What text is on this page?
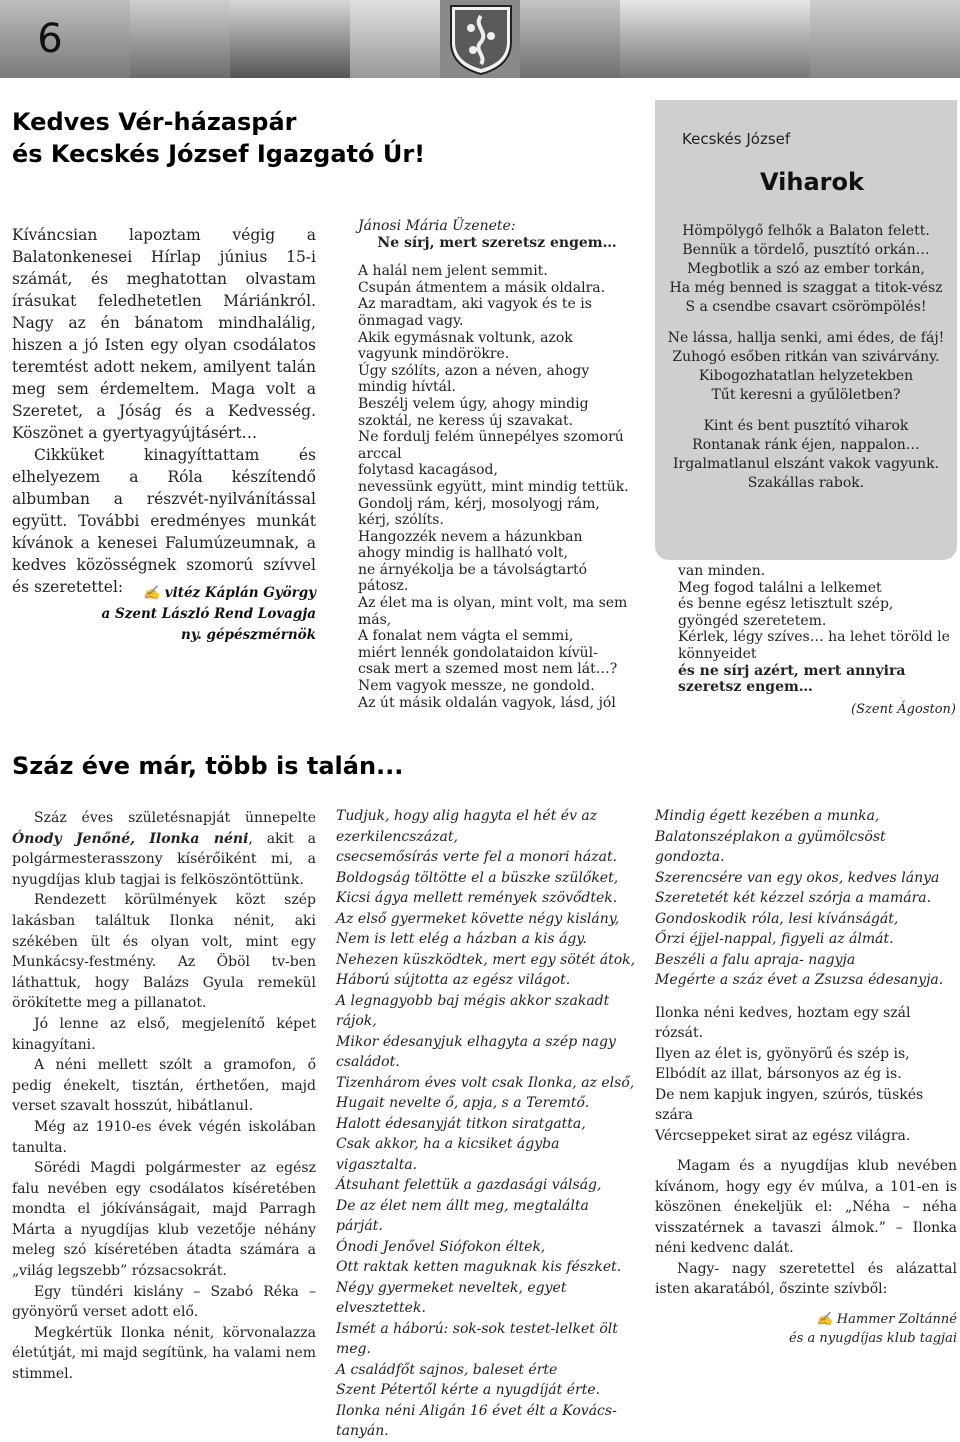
6
Kedves Vér-házaspár
és Kecskés József Igazgató Úr!

Kíváncsian lapoztam végig a Balatonkenesei Hírlap június 15-i számát, és meghatottan olvastam írásukat feledhetetlen Máriánkról. Nagy az én bánatom mindhalálig, hiszen a jó Isten egy olyan csodálatos teremtést adott nekem, amilyent talán meg sem érdemeltem. Maga volt a Szeretet, a Jóság és a Kedvesség. Köszönet a gyertyagyújtásért…

Cikküket kinagyíttattam és elhelyezem a Róla készítendő albumban a részvét-nyilvánítással együtt. További eredményes munkát kívánok a kenesei Falumúzeumnak, a kedves közösségnek szomorú szívvel és szeretettel:	✍ vitéz Káplán György
a Szent László Rend Lovagja
ny. gépészmérnök
Jánosi Mária Üzenete:
Ne sírj, mert szeretsz engem…
A halál nem jelent semmit.
Csupán átmentem a másik oldalra.
Az maradtam, aki vagyok és te is önmagad vagy.
Akik egymásnak voltunk, azok vagyunk mindörökre.
Úgy szólíts, azon a néven, ahogy mindig hívtál.
Beszélj velem úgy, ahogy mindig szoktál, ne keress új szavakat.
Ne fordulj felém ünnepélyes szomorú arccal
folytasd kacagásod,
nevessünk együtt, mint mindig tettük.
Gondolj rám, kérj, mosolyogj rám, kérj, szólíts.
Hangozzék nevem a házunkban
ahogy mindig is hallható volt,
ne árnyékolja be a távolságtartó pátosz.
Az élet ma is olyan, mint volt, ma sem más,
A fonalat nem vágta el semmi,
miért lennék gondolataidon kívül-
csak mert a szemed most nem lát…?
Nem vagyok messze, ne gondold.
Az út másik oldalán vagyok, lásd, jól
Kecskés József
Viharok
Hömpölygő felhők a Balaton felett.
Bennük a tördelő, pusztító orkán…
Megbotlik a szó az ember torkán,
Ha még benned is szaggat a titok-vész
S a csendbe csavart csörömpölés!
Ne lássa, hallja senki, ami édes, de fáj!
Zuhogó esőben ritkán van szivárvány.
Kibogozhatatlan helyzetekben
Tűt keresni a gyűlöletben?
Kint és bent pusztító viharok
Rontanak ránk éjen, nappalon…
Irgalmatlanul elszánt vakok vagyunk.
Szakállas rabok.
van minden.
Meg fogod találni a lelkemet
és benne egész letisztult szép, gyöngéd szeretetem.
Kérlek, légy szíves… ha lehet töröld le könnyeidet
és ne sírj azért, mert annyira szeretsz engem…
(Szent Ágoston)
Száz éve már, több is talán...

Száz éves születésnapját ünnepelte Ónody Jenőné, Ilonka néni, akit a polgármesterasszony kísérőiként mi, a nyugdíjas klub tagjai is felköszöntöttünk.

Rendezett körülmények közt szép lakásban találtuk Ilonka nénit, aki székében ült és olyan volt, mint egy Munkácsy-festmény. Az Öböl tv-ben láthattuk, hogy Balázs Gyula remekül örökítette meg a pillanatot.
Jó lenne az első, megjelenítő képet kinagyítani.
A néni mellett szólt a gramofon, ő pedig énekelt, tisztán, érthetően, majd verset szavalt hosszút, hibátlanul.
Még az 1910-es évek végén iskolában tanulta.
Sörédi Magdi polgármester az egész falu nevében egy csodálatos kíséretében mondta el jókívánságait, majd Parragh Márta a nyugdíjas klub vezetője néhány meleg szó kíséretében átadta számára a „világ legszebb” rózsacsokrát.
Egy tündéri kislány – Szabó Réka – gyönyörű verset adott elő.
Megkértük Ilonka nénit, körvonalazza életútját, mi majd segítünk, ha valami nem stimmel.
Tudjuk, hogy alig hagyta el hét év az ezerkilencszázat,
csecsemősírás verte fel a monori házat.
Boldogság töltötte el a büszke szülőket,
Kicsi ágya mellett remények szövődtek.
Az első gyermeket követte négy kislány,
Nem is lett elég a házban a kis ágy.
Nehezen küszködtek, mert egy sötét átok,
Háború sújtotta az egész világot.
A legnagyobb baj mégis akkor szakadt rájok,
Mikor édesanyjuk elhagyta a szép nagy családot.
Tizenhárom éves volt csak Ilonka, az első,
Hugait nevelte ő, apja, s a Teremtő.
Halott édesanyját titkon siratgatta,
Csak akkor, ha a kicsiket ágyba vigasztalta.
Átsuhant felettük a gazdasági válság,
De az élet nem állt meg, megtalálta párját.
Ónodi Jenővel Siófokon éltek,
Ott raktak ketten maguknak kis fészket.
Négy gyermeket neveltek, egyet elvesztettek.
Ismét a háború: sok-sok testet-lelket ölt meg.
A családfőt sajnos, baleset érte
Szent Pétertől kérte a nyugdíját érte.
Ilonka néni Aligán 16 évet élt a Kovács-tanyán.
Mindig égett kezében a munka,
Balatonszéplakon a gyümölcsöst gondozta.
Szerencsére van egy okos, kedves lánya
Szeretetét két kézzel szórja a mamára.
Gondoskodik róla, lesi kívánságát,
Őrzi éjjel-nappal, figyeli az álmát.
Beszéli a falu apraja- nagyja
Megérte a száz évet a Zsuzsa édesanyja.
Ilonka néni kedves, hoztam egy szál rózsát.
Ilyen az élet is, gyönyörű és szép is,
Elbódít az illat, bársonyos az ég is.
De nem kapjuk ingyen, szúrós, tüskés szára
Vércseppeket sirat az egész világra.
Magam és a nyugdíjas klub nevében kívánom, hogy egy év múlva, a 101-en is köszönen énekeljük el: „Néha – néha visszatérnek a tavaszi álmok.” – Ilonka néni kedvenc dalát.
Nagy- nagy szeretettel és alázattal isten akaratából, őszinte szívből:
✍ Hammer Zoltánné
és a nyugdíjas klub tagjai
